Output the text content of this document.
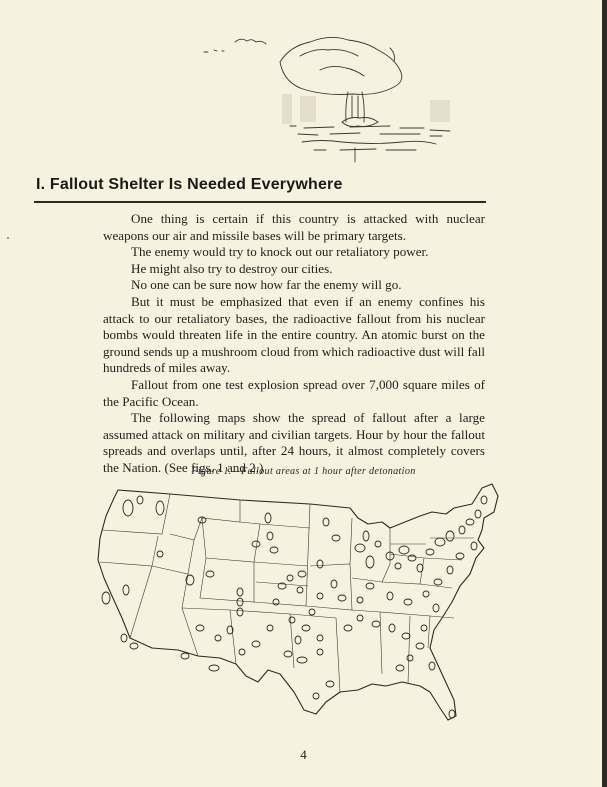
I. Fallout Shelter Is Needed Everywhere

One thing is certain if this country is attacked with nuclear weapons our air and missile bases will be primary targets.

The enemy would try to knock out our retaliatory power.

He might also try to destroy our cities.

No one can be sure now how far the enemy will go.

But it must be emphasized that even if an enemy confines his attack to our retaliatory bases, the radioactive fallout from his nuclear bombs would threaten life in the entire country. An atomic burst on the ground sends up a mushroom cloud from which radioactive dust will fall hundreds of miles away.

Fallout from one test explosion spread over 7,000 square miles of the Pacific Ocean.

The following maps show the spread of fallout after a large assumed attack on military and civilian targets. Hour by hour the fallout spreads and overlaps until, after 24 hours, it almost completely covers the Nation. (See figs. 1 and 2.)

Figure 1.—Fallout areas at 1 hour after detonation
4
